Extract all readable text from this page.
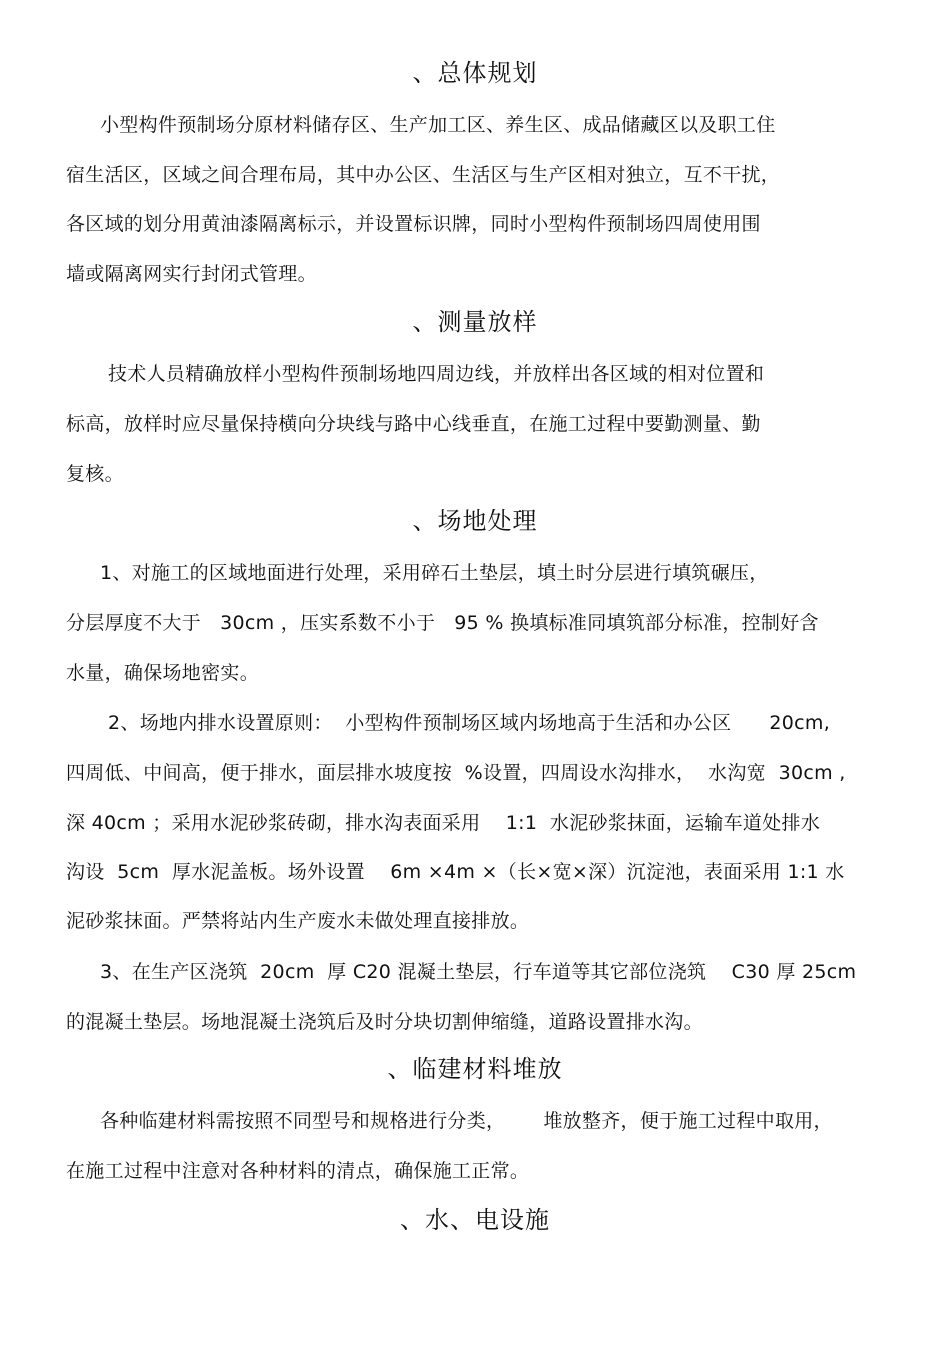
、总体规划
小型构件预制场分原材料储存区、生产加工区、养生区、成品储藏区以及职工住
宿生活区，区域之间合理布局，其中办公区、生活区与生产区相对独立，互不干扰，
各区域的划分用黄油漆隔离标示，并设置标识牌，同时小型构件预制场四周使用围
墙或隔离网实行封闭式管理。
、测量放样
技术人员精确放样小型构件预制场地四周边线，并放样出各区域的相对位置和
标高，放样时应尽量保持横向分块线与路中心线垂直，在施工过程中要勤测量、勤
复核。
、场地处理
1、对施工的区域地面进行处理，采用碎石土垫层，填土时分层进行填筑碾压，
分层厚度不大于   30cm ，压实系数不小于   95 % 换填标准同填筑部分标准，控制好含
水量，确保场地密实。
2、场地内排水设置原则：  小型构件预制场区域内场地高于生活和办公区      20cm,
四周低、中间高，便于排水，面层排水坡度按  %设置，四周设水沟排水，  水沟宽  30cm ,
深 40cm ；采用水泥砂浆砖砌，排水沟表面采用    1:1  水泥砂浆抹面，运输车道处排水
沟设  5cm  厚水泥盖板。场外设置    6m ×4m ×（长×宽×深）沉淀池，表面采用 1:1 水
泥砂浆抹面。严禁将站内生产废水未做处理直接排放。
3、在生产区浇筑  20cm  厚 C20 混凝土垫层，行车道等其它部位浇筑    C30 厚 25cm
的混凝土垫层。场地混凝土浇筑后及时分块切割伸缩缝，道路设置排水沟。
、临建材料堆放
各种临建材料需按照不同型号和规格进行分类，      堆放整齐，便于施工过程中取用，
在施工过程中注意对各种材料的清点，确保施工正常。
、水、电设施
